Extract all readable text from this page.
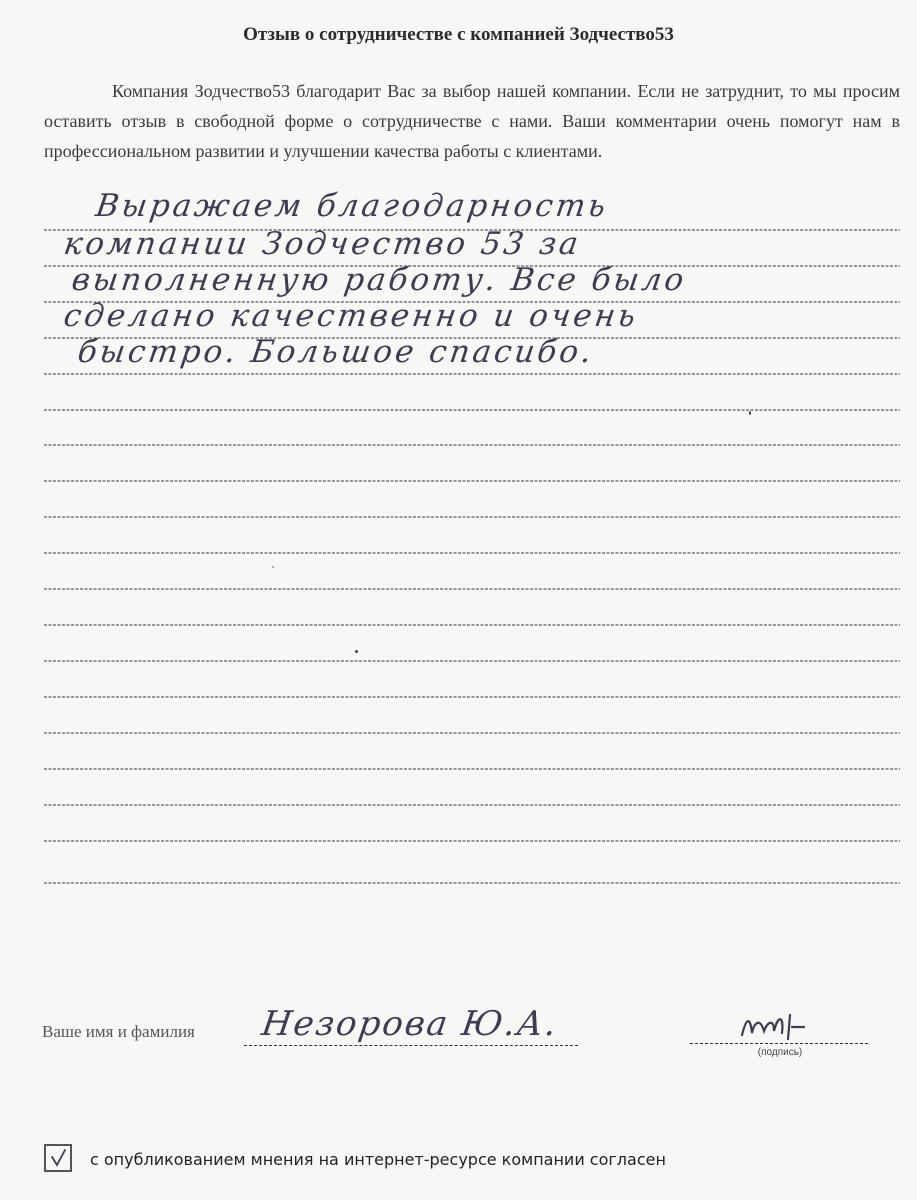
Отзыв о сотрудничестве с компанией Зодчество53
Компания Зодчество53 благодарит Вас за выбор нашей компании. Если не затруднит, то мы просим оставить отзыв в свободной форме о сотрудничестве с нами. Ваши комментарии очень помогут нам в профессиональном развитии и улучшении качества работы с клиентами.
Выражаем благодарность
компании Зодчество 53 за
выполненную работу. Все было
сделано качественно и очень
быстро. Большое спасибо.
Ваше имя и фамилия Незорова Ю.А.
(подпись)
с опубликованием мнения на интернет-ресурсе компании согласен
